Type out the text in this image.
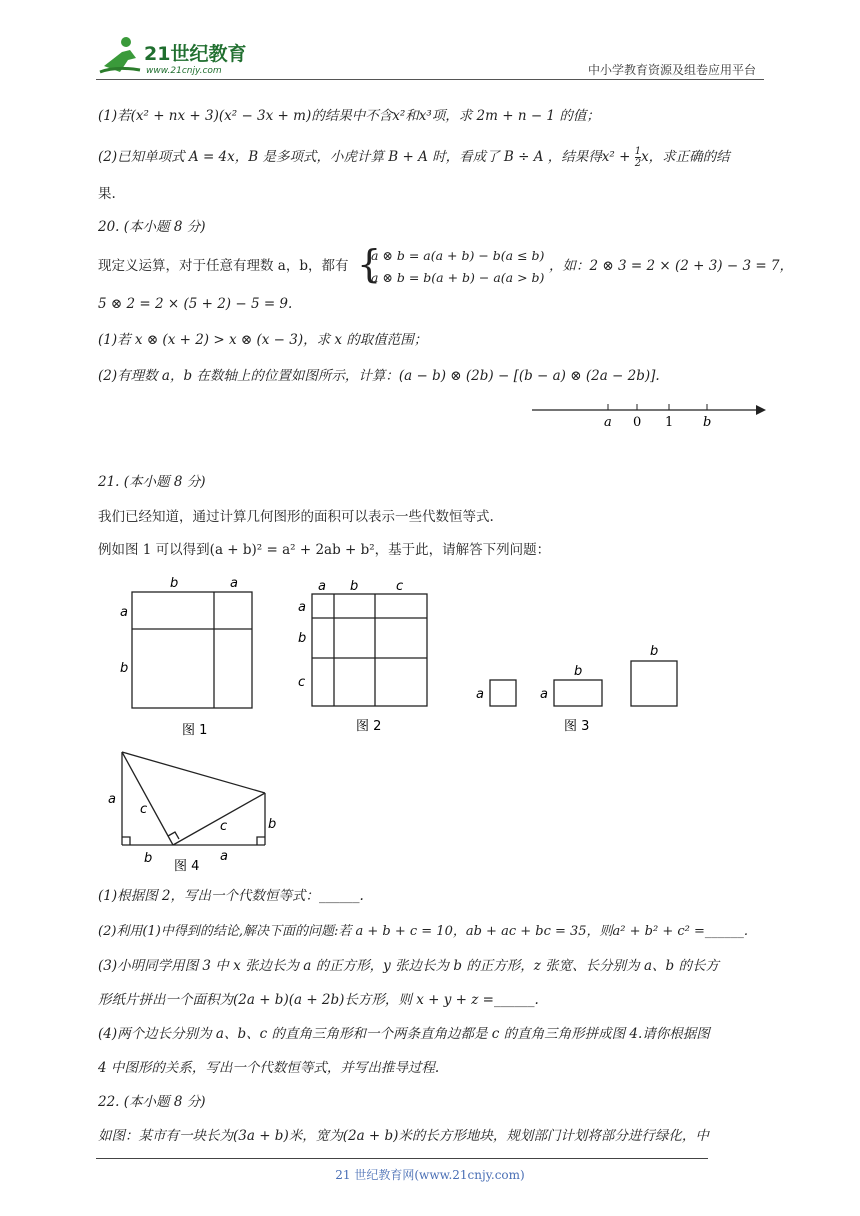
21世纪教育
www.21cnjy.com	中小学教育资源及组卷应用平台
(1)若(x² + nx + 3)(x² − 3x + m)的结果中不含x²和x³项，求 2m + n − 1 的值；
(2)已知单项式 A = 4x，B 是多项式，小虎计算 B + A 时，看成了 B ÷ A ，结果得$x^2 + \frac{1}{2}$ x，求正确的结
果.
20. (本小题 8 分)
现定义运算，对于任意有理数 a，b，都有 {
a ⊗ b = a(a + b) − b(a ≤ b)
a ⊗ b = b(a + b) − a(a > b)
，如：2 ⊗ 3 = 2 × (2 + 3) − 3 = 7，
5 ⊗ 2 = 2 × (5 + 2) − 5 = 9.
(1)若 x ⊗ (x + 2) > x ⊗ (x − 3)，求 x 的取值范围；
(2)有理数 a，b 在数轴上的位置如图所示，计算：(a − b) ⊗ (2b) − [(b − a) ⊗ (2a − 2b)].
a 0 1 b
21. (本小题 8 分)
我们已经知道，通过计算几何图形的面积可以表示一些代数恒等式.
例如图 1 可以得到(a + b)² = a² + 2ab + b²，基于此，请解答下列问题：
b	a
a
b
图 1
a b	c
a
b
c
图 2
a	a
b
b
图 3
a
c
c	b
b	a
图 4
(1)根据图 2，写出一个代数恒等式：______.
(2)利用(1)中得到的结论,解决下面的问题:若 a + b + c = 10，ab + ac + bc = 35，则a² + b² + c² =______.
(3)小明同学用图 3 中 x 张边长为 a 的正方形，y 张边长为 b 的正方形，z 张宽、长分别为 a、b 的长方
形纸片拼出一个面积为(2a + b)(a + 2b)长方形，则 x + y + z =______.
(4)两个边长分别为 a、b、c 的直角三角形和一个两条直角边都是 c 的直角三角形拼成图 4.请你根据图
4 中图形的关系，写出一个代数恒等式，并写出推导过程.
22. (本小题 8 分)
如图：某市有一块长为(3a + b)米，宽为(2a + b)米的长方形地块，规划部门计划将部分进行绿化，中
21 世纪教育网(www.21cnjy.com)
